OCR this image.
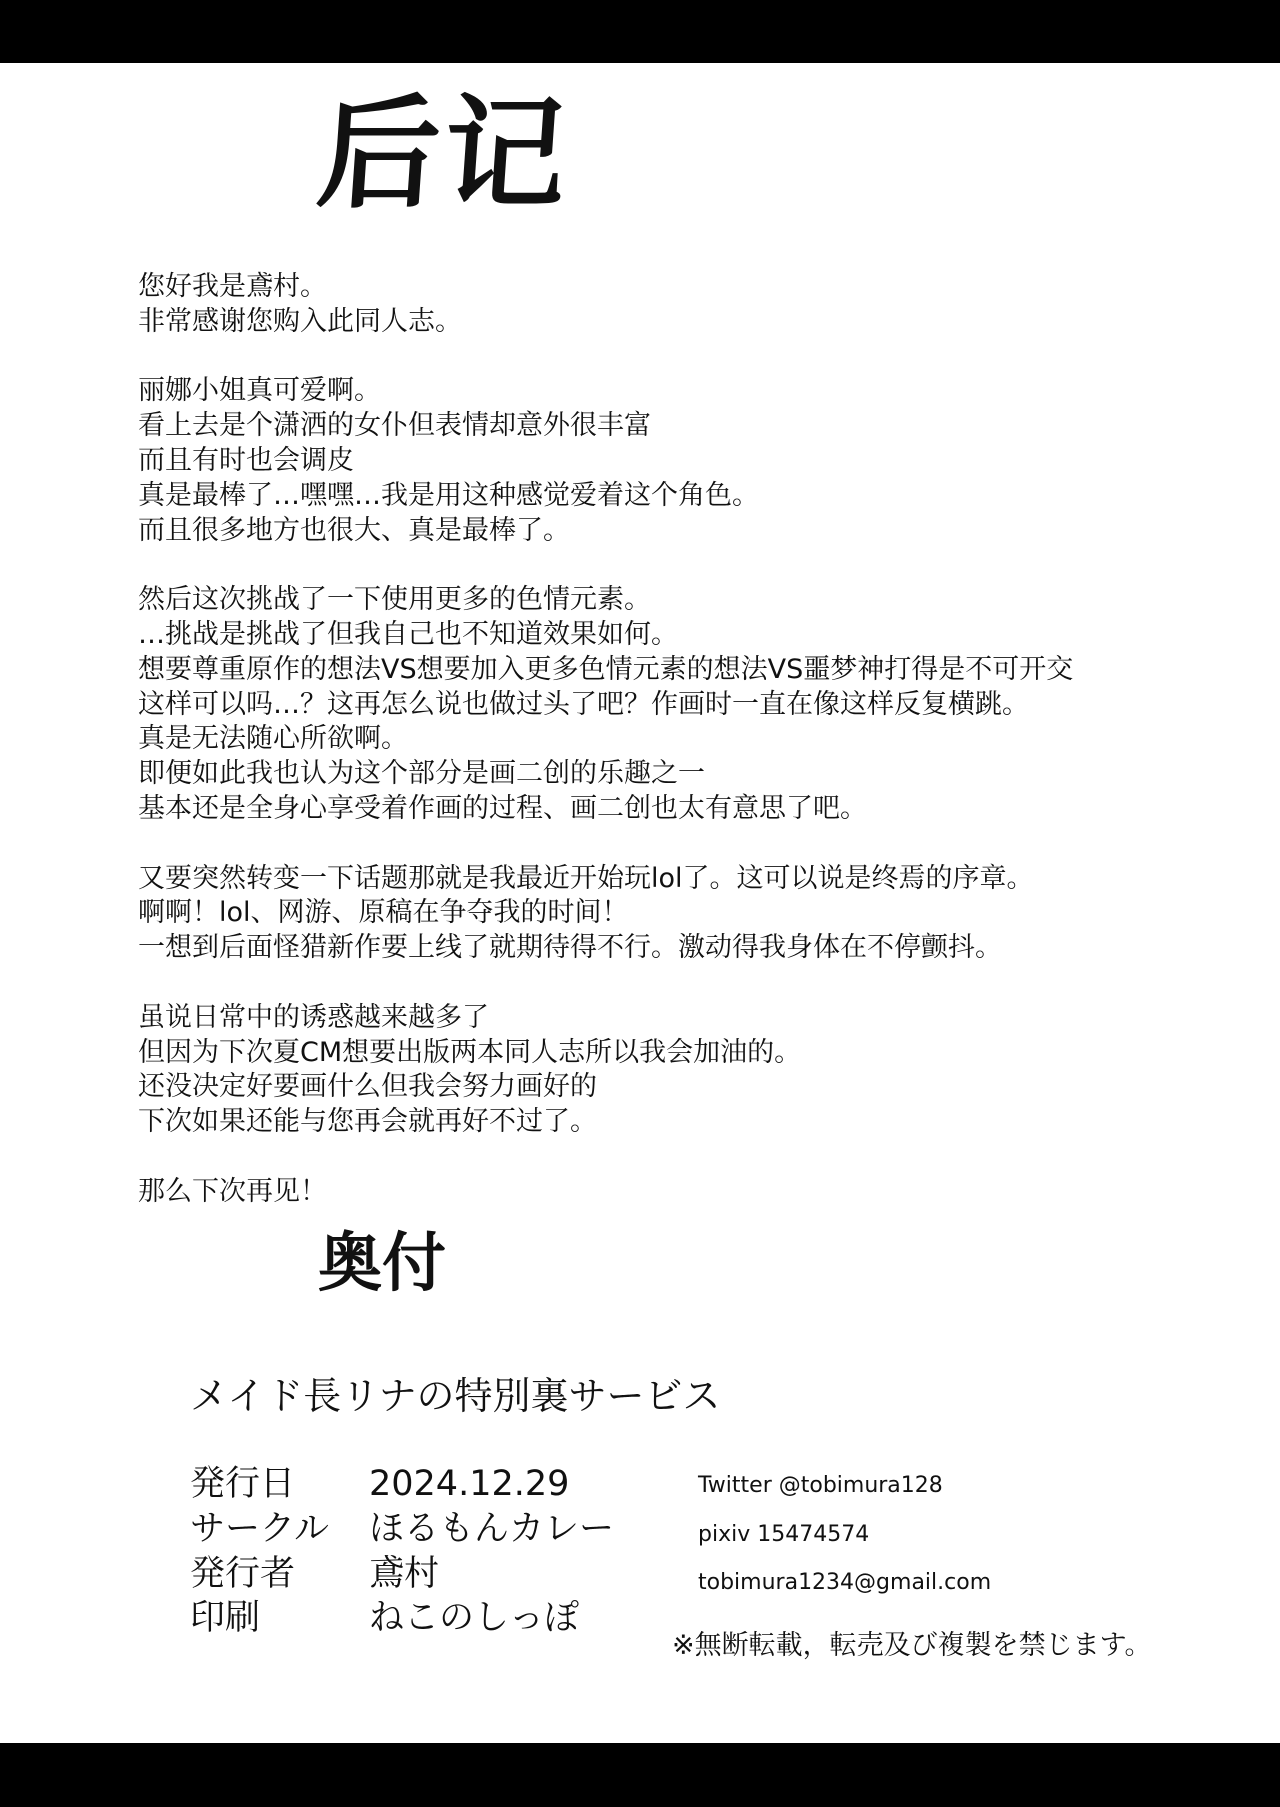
后记
您好我是鳶村。
非常感谢您购入此同人志。
丽娜小姐真可爱啊。
看上去是个潇洒的女仆但表情却意外很丰富
而且有时也会调皮
真是最棒了…嘿嘿…我是用这种感觉爱着这个角色。
而且很多地方也很大、真是最棒了。
然后这次挑战了一下使用更多的色情元素。
…挑战是挑战了但我自己也不知道效果如何。
想要尊重原作的想法VS想要加入更多色情元素的想法VS噩梦神打得是不可开交
这样可以吗…？这再怎么说也做过头了吧？作画时一直在像这样反复横跳。
真是无法随心所欲啊。
即便如此我也认为这个部分是画二创的乐趣之一
基本还是全身心享受着作画的过程、画二创也太有意思了吧。
又要突然转变一下话题那就是我最近开始玩lol了。这可以说是终焉的序章。
啊啊！lol、网游、原稿在争夺我的时间！
一想到后面怪猎新作要上线了就期待得不行。激动得我身体在不停颤抖。
虽说日常中的诱惑越来越多了
但因为下次夏CM想要出版两本同人志所以我会加油的。
还没决定好要画什么但我会努力画好的
下次如果还能与您再会就再好不过了。
那么下次再见！
奥付
メイド長リナの特別裏サービス
発行日 2024.12.29
サークル ほるもんカレー
発行者 鳶村
印刷	ねこのしっぽ
Twitter @tobimura128
pixiv 15474574
tobimura1234@gmail.com
※無断転載，転売及び複製を禁じます。
